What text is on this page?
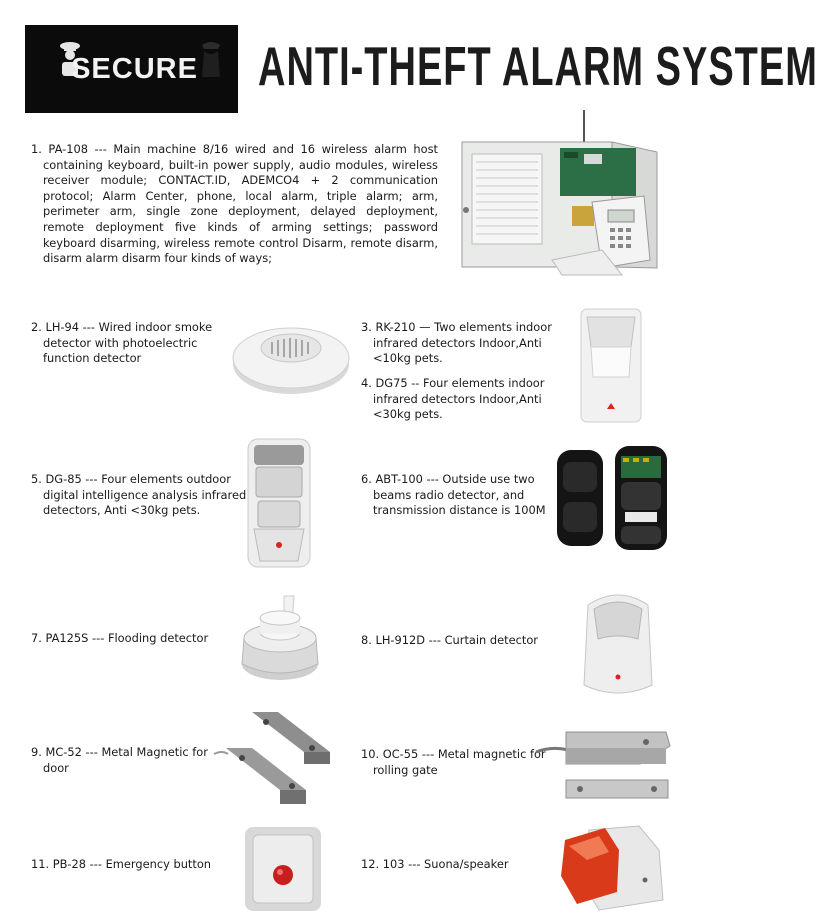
SECURE ANTI-THEFT ALARM SYSTEM
1. PA-108 --- Main machine 8/16 wired and 16 wireless alarm host containing keyboard, built-in power supply, audio modules, wireless receiver module; CONTACT.ID, ADEMCO4 + 2 communication protocol; Alarm Center, phone, local alarm, triple alarm; arm, perimeter arm, single zone deployment, delayed deployment, remote deployment five kinds of arming settings; password keyboard disarming, wireless remote control Disarm, remote disarm, disarm alarm disarm four kinds of ways;
2. LH-94 --- Wired indoor smoke detector with photoelectric function detector
3. RK-210 — Two elements indoor infrared detectors Indoor,Anti <10kg pets.
4. DG75 -- Four elements indoor infrared detectors Indoor,Anti <30kg pets.
5. DG-85 --- Four elements outdoor digital intelligence analysis infrared detectors, Anti <30kg pets.
6. ABT-100 --- Outside use two beams radio detector, and transmission distance is 100M
7. PA125S --- Flooding detector	8. LH-912D --- Curtain detector
9. MC-52 --- Metal Magnetic for door
10. OC-55 --- Metal magnetic for rolling gate
11. PB-28 --- Emergency button	12. 103 --- Suona/speaker
